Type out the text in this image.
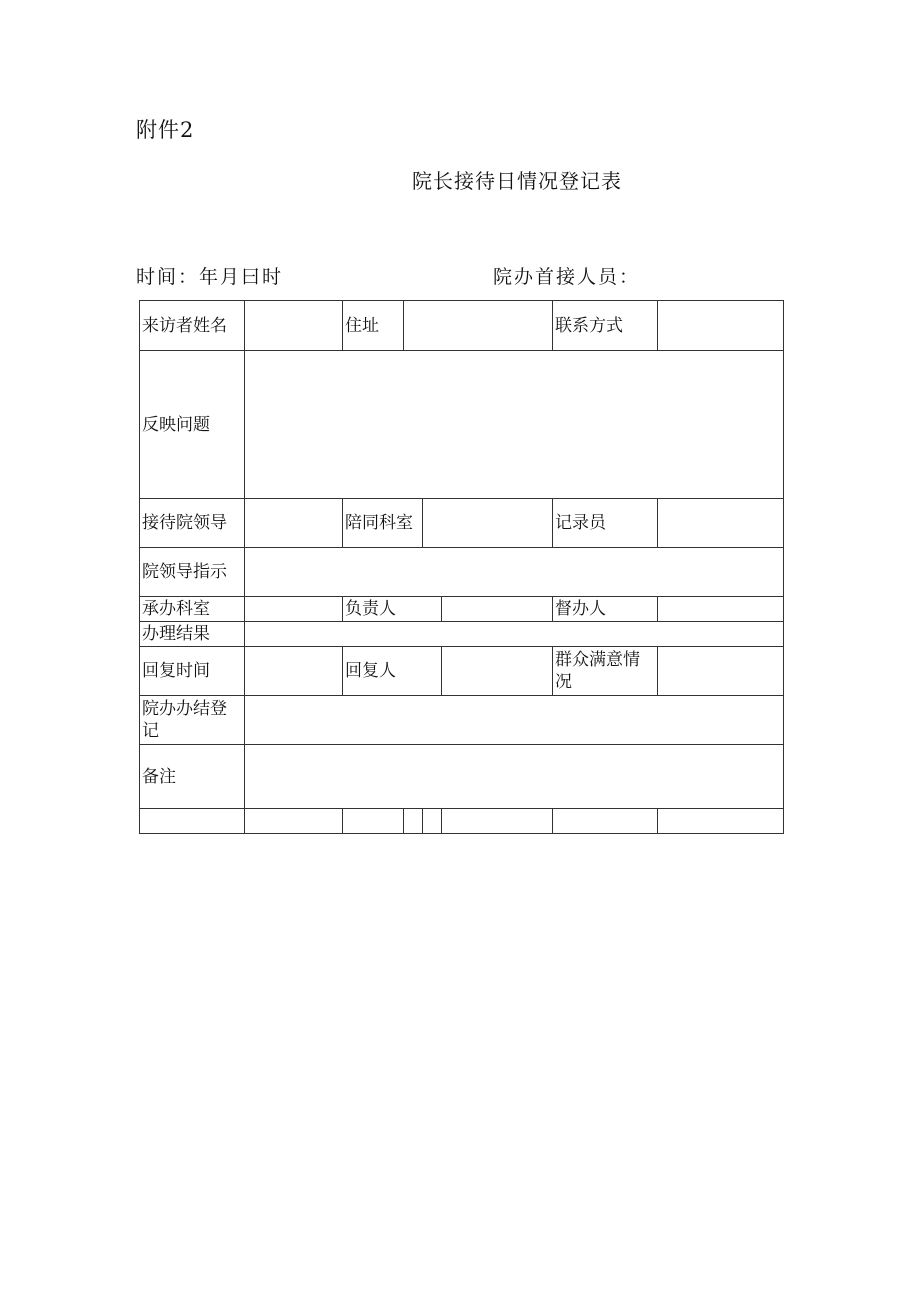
附件2
院长接待日情况登记表
时间：年月曰时	院办首接人员：
来访者姓名		住址				联系方式	
反映问题							
接待院领导		陪同科室				记录员	
院领导指示							
承办科室		负责人				督办人	
办理结果							
回复时间		回复人				群众满意情况	
院办办结登记							
备注							
